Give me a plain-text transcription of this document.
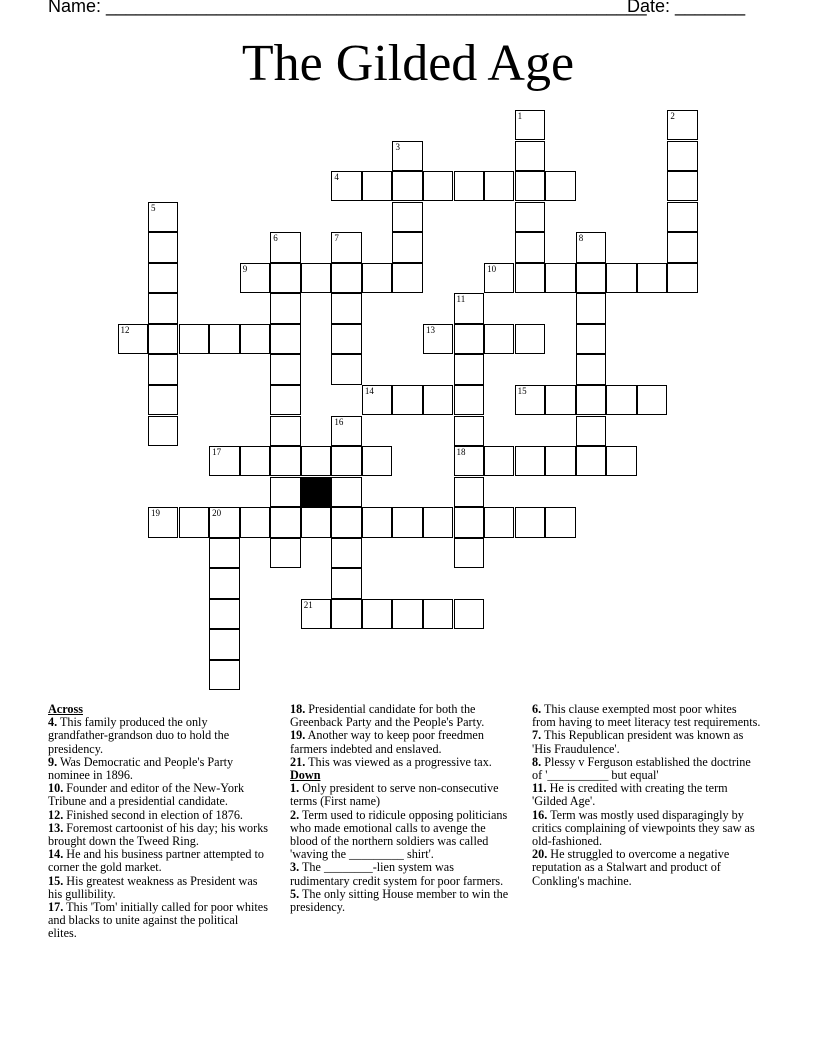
Name: ______________________________________________________
Date: _______
The Gilded Age
1	2
3
4
5
6	7	8
9	10
11
18
12	13
14	15
16
17
19	20
21

Across

4. This family produced the only grandfather-grandson duo to hold the presidency.

9. Was Democratic and People's Party nominee in 1896.

10. Founder and editor of the New-York Tribune and a presidential candidate.

12. Finished second in election of 1876.

13. Foremost cartoonist of his day; his works brought down the Tweed Ring.

14. He and his business partner attempted to corner the gold market.

15. His greatest weakness as President was his gullibility.

17. This 'Tom' initially called for poor whites and blacks to unite against the political elites.

18. Presidential candidate for both the Greenback Party and the People's Party.

19. Another way to keep poor freedmen farmers indebted and enslaved.

21. This was viewed as a progressive tax.

Down

1. Only president to serve non-consecutive terms (First name)

2. Term used to ridicule opposing politicians who made emotional calls to avenge the blood of the northern soldiers was called 'waving the _________ shirt'.

3. The ________-lien system was rudimentary credit system for poor farmers.

5. The only sitting House member to win the presidency.

6. This clause exempted most poor whites from having to meet literacy test requirements.

7. This Republican president was known as 'His Fraudulence'.

8. Plessy v Ferguson established the doctrine of '__________ but equal'

11. He is credited with creating the term 'Gilded Age'.

16. Term was mostly used disparagingly by critics complaining of viewpoints they saw as old-fashioned.

20. He struggled to overcome a negative reputation as a Stalwart and product of Conkling's machine.
